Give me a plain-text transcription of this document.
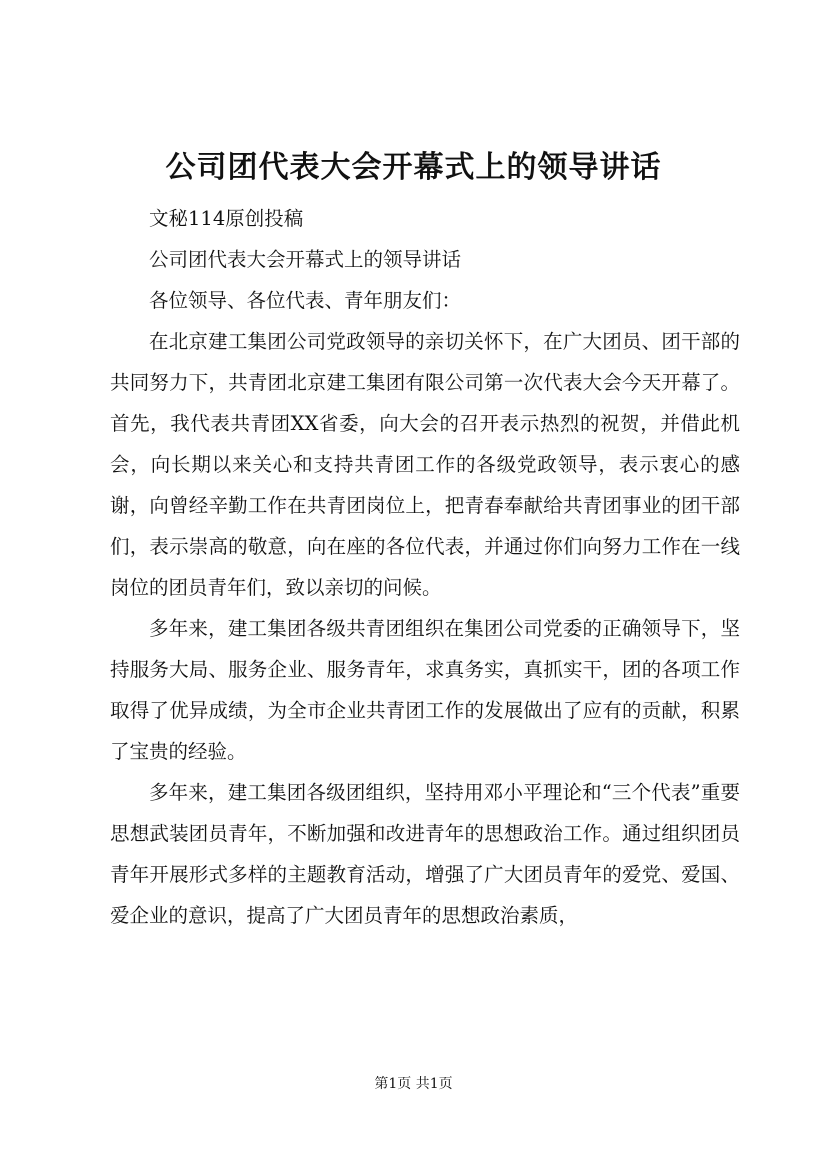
公司团代表大会开幕式上的领导讲话

文秘114原创投稿

公司团代表大会开幕式上的领导讲话

各位领导、各位代表、青年朋友们：

在北京建工集团公司党政领导的亲切关怀下，在广大团员、团干部的共同努力下，共青团北京建工集团有限公司第一次代表大会今天开幕了。首先，我代表共青团XX省委，向大会的召开表示热烈的祝贺，并借此机会，向长期以来关心和支持共青团工作的各级党政领导，表示衷心的感谢，向曾经辛勤工作在共青团岗位上，把青春奉献给共青团事业的团干部们，表示崇高的敬意，向在座的各位代表，并通过你们向努力工作在一线岗位的团员青年们，致以亲切的问候。

多年来，建工集团各级共青团组织在集团公司党委的正确领导下，坚持服务大局、服务企业、服务青年，求真务实，真抓实干，团的各项工作取得了优异成绩，为全市企业共青团工作的发展做出了应有的贡献，积累了宝贵的经验。

多年来，建工集团各级团组织，坚持用邓小平理论和“三个代表”重要思想武装团员青年，不断加强和改进青年的思想政治工作。通过组织团员青年开展形式多样的主题教育活动，增强了广大团员青年的爱党、爱国、爱企业的意识，提高了广大团员青年的思想政治素质，

第1页 共1页
